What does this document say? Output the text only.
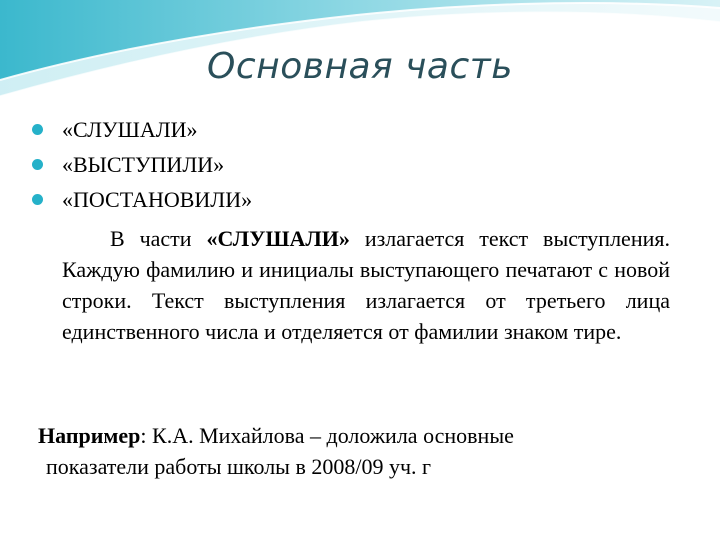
Основная часть
«СЛУШАЛИ»
«ВЫСТУПИЛИ»
«ПОСТАНОВИЛИ»

В части «СЛУШАЛИ» излагается текст выступления. Каждую фамилию и инициалы выступающего печатают с новой строки. Текст выступления излагается от третьего лица единственного числа и отделяется от фамилии знаком тире.

Например: К.А. Михайлова – доложила основные
показатели работы школы в 2008/09 уч. г
